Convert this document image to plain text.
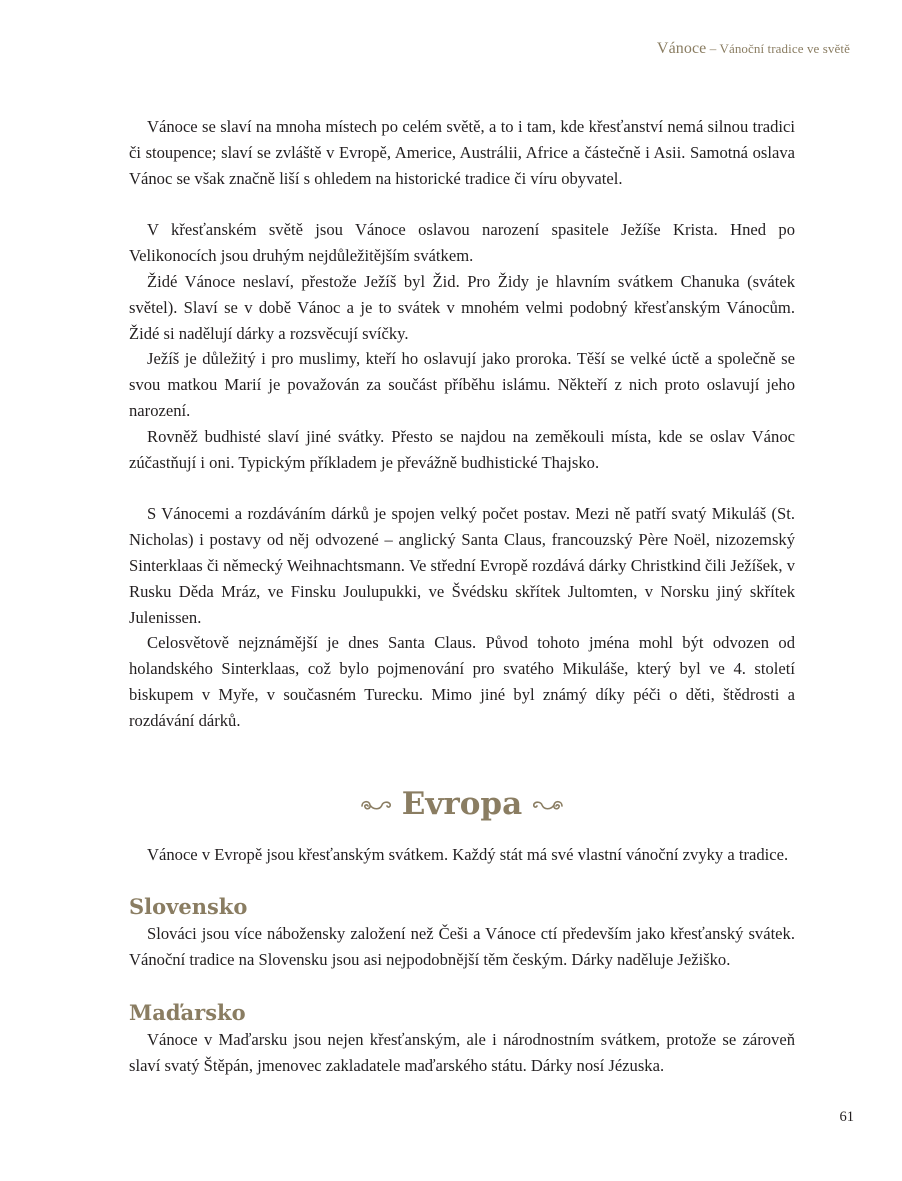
Vánoce – Vánoční tradice ve světě

Vánoce se slaví na mnoha místech po celém světě, a to i tam, kde křesťanství nemá silnou tradici či stoupence; slaví se zvláště v Evropě, Americe, Austrálii, Africe a částečně i Asii. Samotná oslava Vánoc se však značně liší s ohledem na historické tradice či víru obyvatel.

V křesťanském světě jsou Vánoce oslavou narození spasitele Ježíše Krista. Hned po Velikonocích jsou druhým nejdůležitějším svátkem.

Židé Vánoce neslaví, přestože Ježíš byl Žid. Pro Židy je hlavním svátkem Chanuka (svátek světel). Slaví se v době Vánoc a je to svátek v mnohém velmi podobný křesťanským Vánocům. Židé si nadělují dárky a rozsvěcují svíčky.

Ježíš je důležitý i pro muslimy, kteří ho oslavují jako proroka. Těší se velké úctě a společně se svou matkou Marií je považován za součást příběhu islámu. Někteří z nich proto oslavují jeho narození.

Rovněž budhisté slaví jiné svátky. Přesto se najdou na zeměkouli místa, kde se oslav Vánoc zúčastňují i oni. Typickým příkladem je převážně budhistické Thajsko.

S Vánocemi a rozdáváním dárků je spojen velký počet postav. Mezi ně patří svatý Mikuláš (St. Nicholas) i postavy od něj odvozené – anglický Santa Claus, francouzský Père Noël, nizozemský Sinterklaas či německý Weihnachtsmann. Ve střední Evropě rozdává dárky Christkind čili Ježíšek, v Rusku Děda Mráz, ve Finsku Joulupukki, ve Švédsku skřítek Jultomten, v Norsku jiný skřítek Julenissen.

Celosvětově nejznámější je dnes Santa Claus. Původ tohoto jména mohl být odvozen od holandského Sinterklaas, což bylo pojmenování pro svatého Mikuláše, který byl ve 4. století biskupem v Myře, v současném Turecku. Mimo jiné byl známý díky péči o děti, štědrosti a rozdávání dárků.

Evropa

Vánoce v Evropě jsou křesťanským svátkem. Každý stát má své vlastní vánoční zvyky a tradice.

Slovensko

Slováci jsou více nábožensky založení než Češi a Vánoce ctí především jako křesťanský svátek. Vánoční tradice na Slovensku jsou asi nejpodobnější těm českým. Dárky naděluje Ježiško.

Maďarsko

Vánoce v Maďarsku jsou nejen křesťanským, ale i národnostním svátkem, protože se zároveň slaví svatý Štěpán, jmenovec zakladatele maďarského státu. Dárky nosí Jézuska.

61
